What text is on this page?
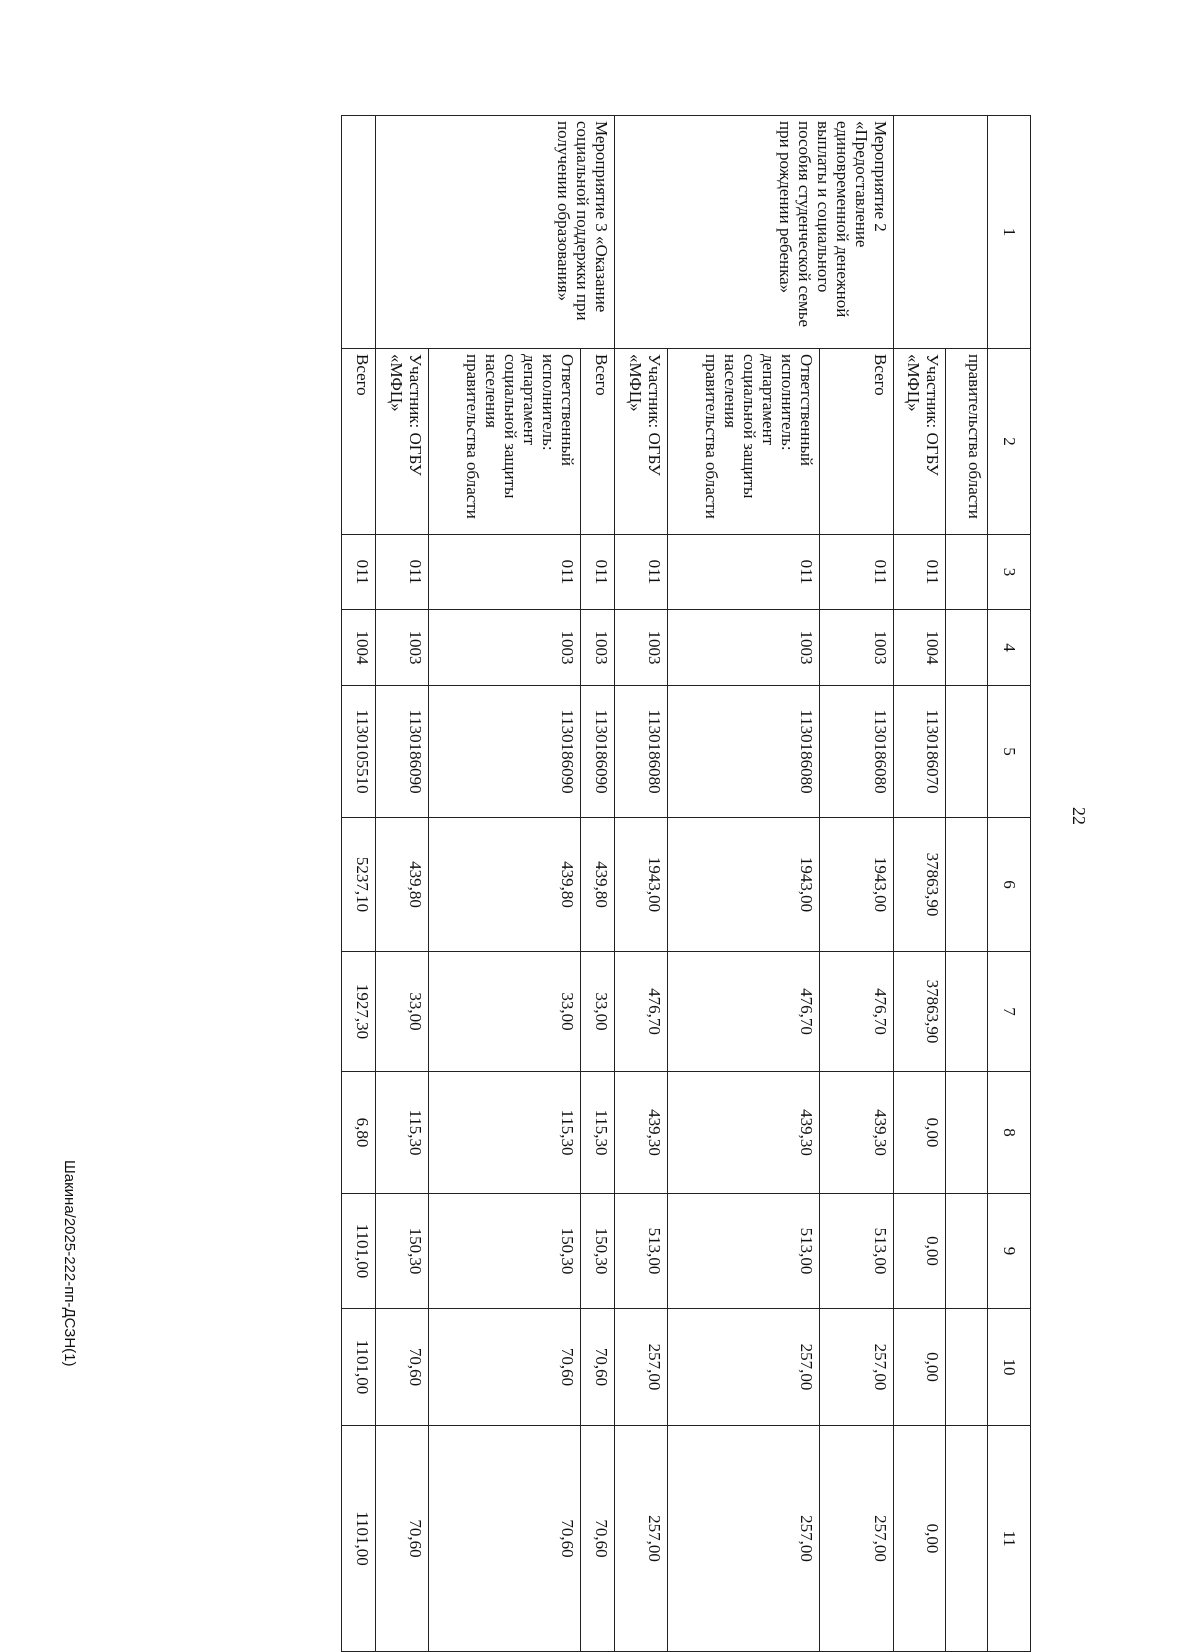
22
Шакина/2025-222-пп-ДСЗН(1)
1	2	3	4	5	6	7	8	9	10	11
	правительства области									
	Участник: ОГБУ «МФЦ»	011	1004	1130186070	37863,90	37863,90	0,00	0,00	0,00	0,00
Мероприятие 2 «Предоставление единовременной денежной выплаты и социального пособия студенческой семье при рождении ребенка»	Всего	011	1003	1130186080	1943,00	476,70	439,30	513,00	257,00	257,00
	Ответственный исполнитель: департамент социальной защиты населения правительства области	011	1003	1130186080	1943,00	476,70	439,30	513,00	257,00	257,00
	Участник: ОГБУ «МФЦ»	011	1003	1130186080	1943,00	476,70	439,30	513,00	257,00	257,00
Мероприятие 3 «Оказание социальной поддержки при получении образования»	Всего	011	1003	1130186090	439,80	33,00	115,30	150,30	70,60	70,60
	Ответственный исполнитель: департамент социальной защиты населения правительства области	011	1003	1130186090	439,80	33,00	115,30	150,30	70,60	70,60
	Участник: ОГБУ «МФЦ»	011	1003	1130186090	439,80	33,00	115,30	150,30	70,60	70,60
	Всего	011	1004	1130105510	5237,10	1927,30	6,80	1101,00	1101,00	1101,00
